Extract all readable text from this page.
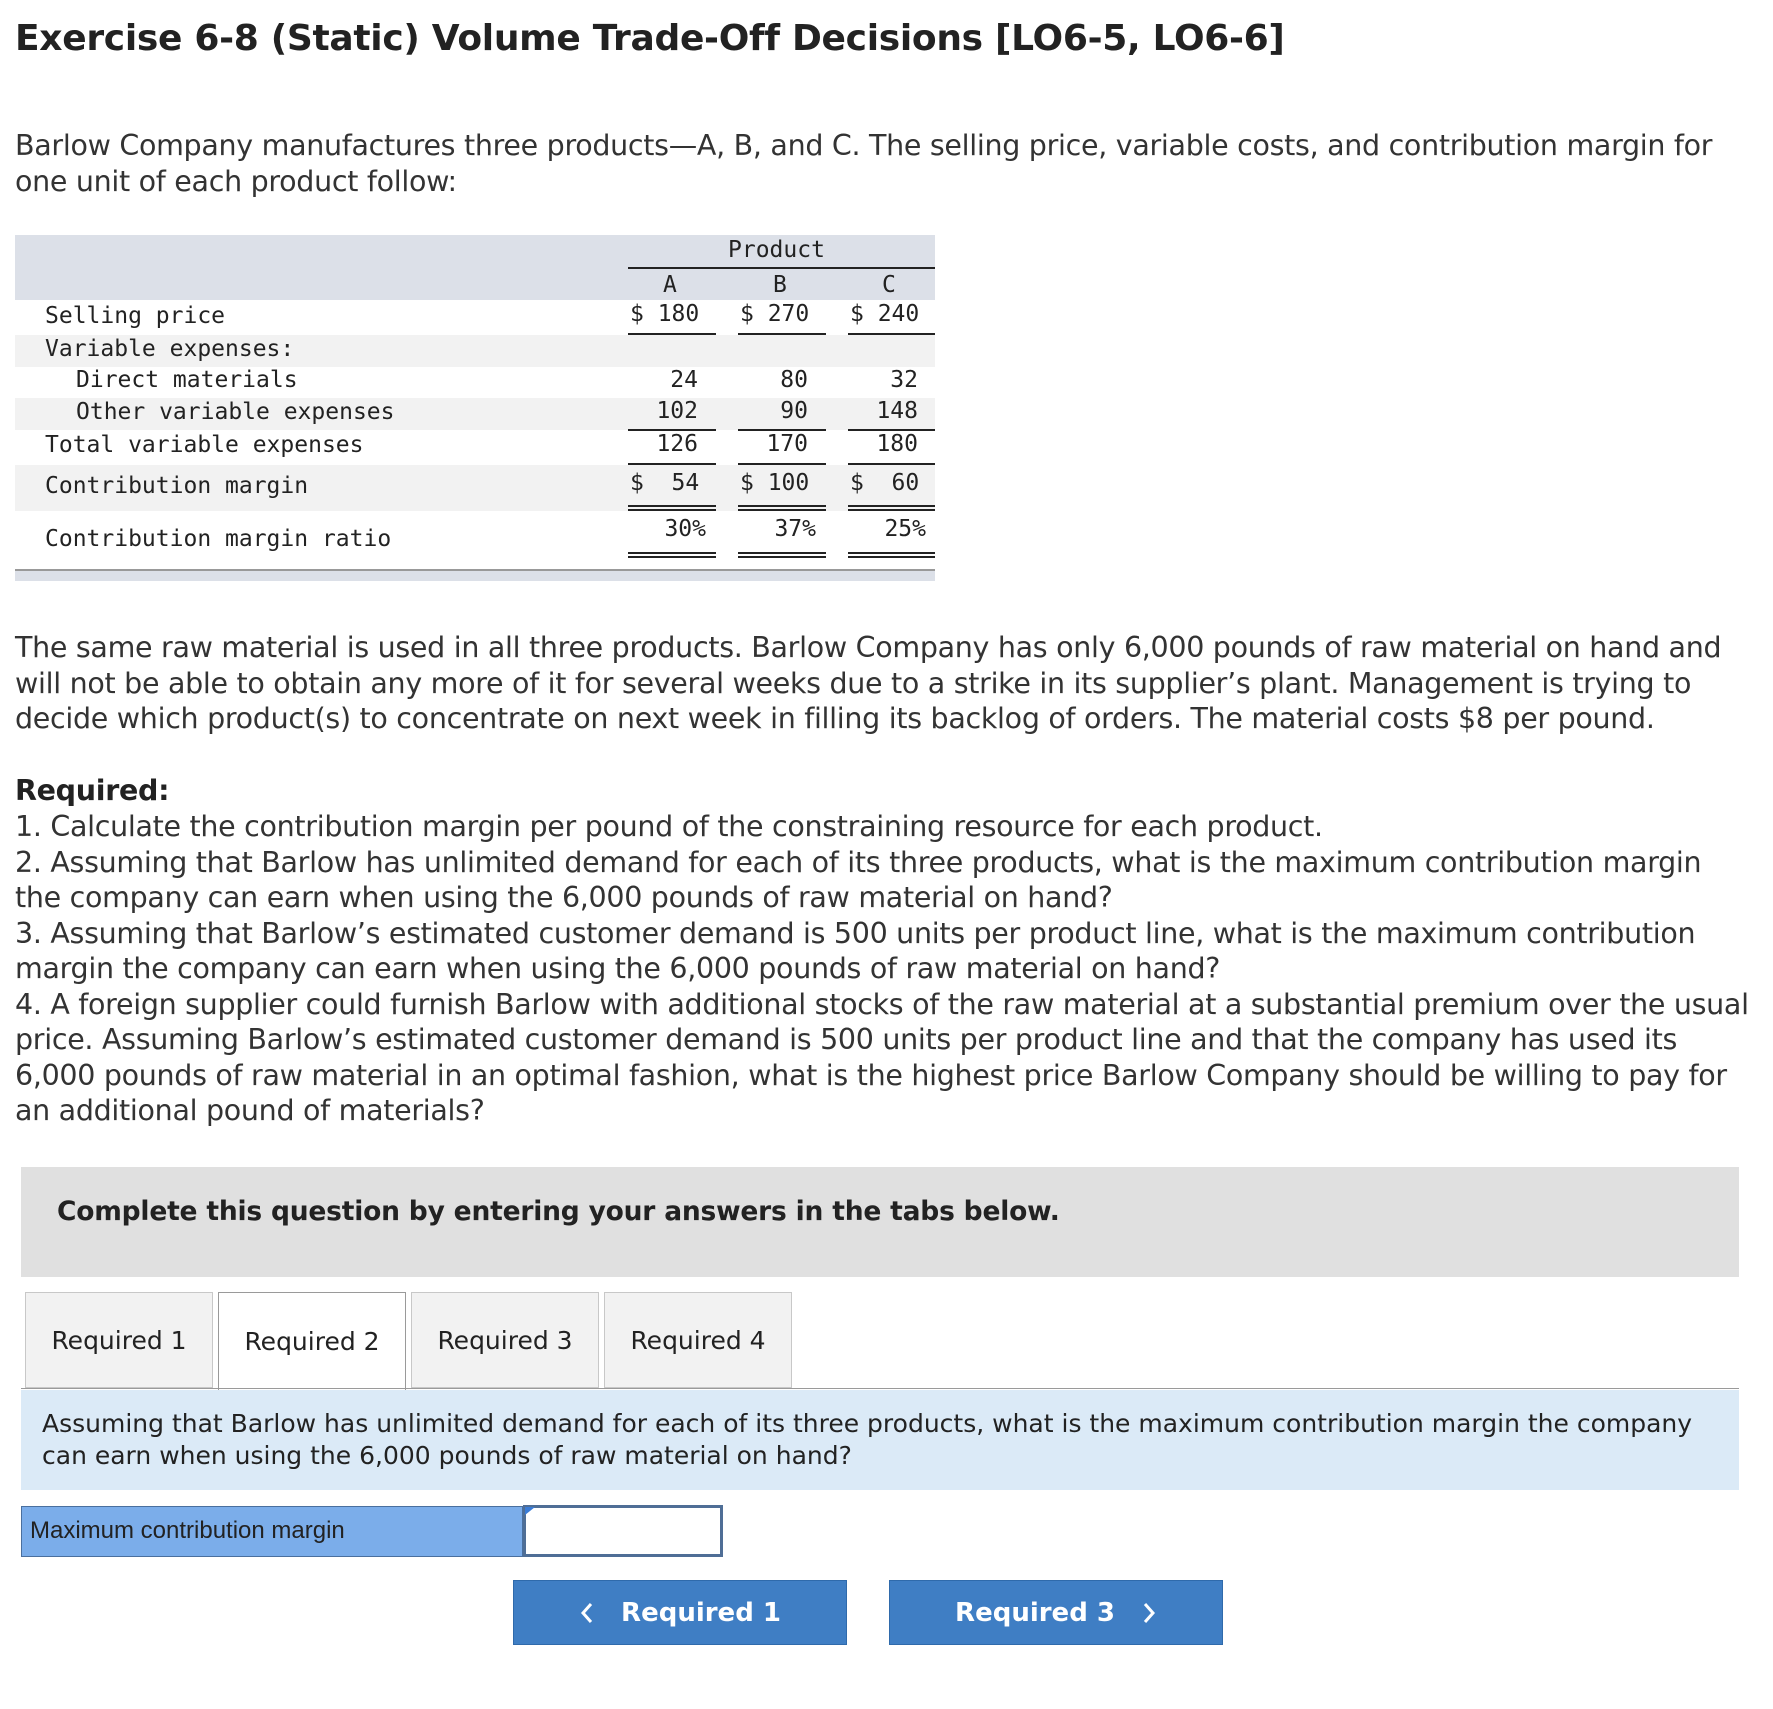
Exercise 6-8 (Static) Volume Trade-Off Decisions [LO6-5, LO6-6]
Barlow Company manufactures three products—A, B, and C. The selling price, variable costs, and contribution margin for one unit of each product follow:
Product
A	B	C
Selling price	$ 180 $ 270 $ 240
Variable expenses:
Direct materials	24	80	32
Other variable expenses	102	90	148
Total variable expenses	126	170	180
Contribution margin	$  54 $ 100 $  60
Contribution margin ratio	30%	37%	25%
The same raw material is used in all three products. Barlow Company has only 6,000 pounds of raw material on hand and will not be able to obtain any more of it for several weeks due to a strike in its supplier’s plant. Management is trying to decide which product(s) to concentrate on next week in filling its backlog of orders. The material costs $8 per pound.
Required:
1. Calculate the contribution margin per pound of the constraining resource for each product.
2. Assuming that Barlow has unlimited demand for each of its three products, what is the maximum contribution margin the company can earn when using the 6,000 pounds of raw material on hand?
3. Assuming that Barlow’s estimated customer demand is 500 units per product line, what is the maximum contribution margin the company can earn when using the 6,000 pounds of raw material on hand?
4. A foreign supplier could furnish Barlow with additional stocks of the raw material at a substantial premium over the usual price. Assuming Barlow’s estimated customer demand is 500 units per product line and that the company has used its 6,000 pounds of raw material in an optimal fashion, what is the highest price Barlow Company should be willing to pay for an additional pound of materials?
Complete this question by entering your answers in the tabs below.
Required 1	Required 2	Required 3	Required 4
Assuming that Barlow has unlimited demand for each of its three products, what is the maximum contribution margin the company can earn when using the 6,000 pounds of raw material on hand?
Maximum contribution margin
Required 1	Required 3
